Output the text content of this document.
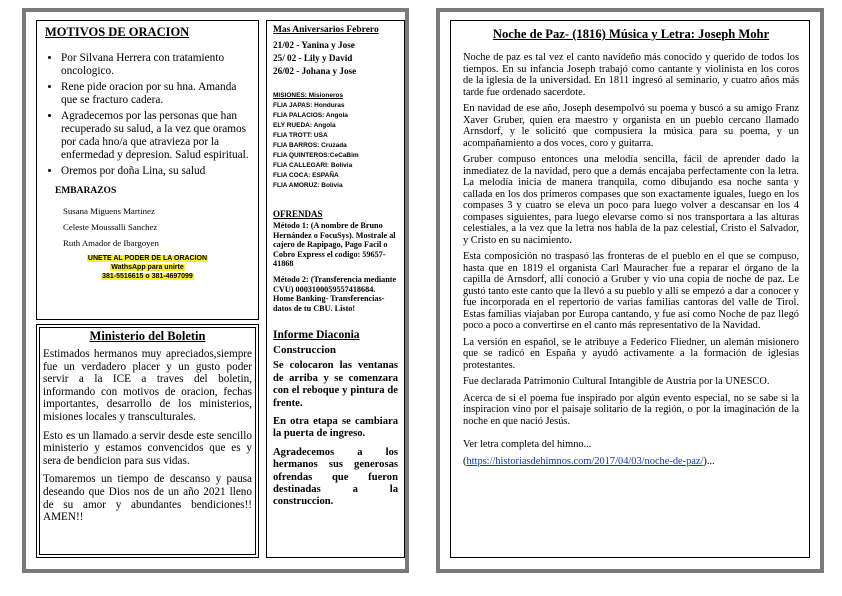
MOTIVOS DE ORACION
• Por Silvana Herrera con tratamiento oncologico.
• Rene pide oracion por su hna. Amanda que se fracturo cadera.
• Agradecemos por las personas que han recuperado su salud, a la vez que oramos por cada hno/a que atravieza por la enfermedad y depresion. Salud espiritual.
• Oremos por doña Lina, su salud
EMBARAZOS
Susana Miguens Martinez
Celeste Moussalli Sanchez
Ruth Amador de Ibargoyen
UNETE AL PODER DE LA ORACION
WathsApp para unirte
381-5516615 o 381-4697099
Ministerio del Boletin

Estimados hermanos muy apreciados,siempre fue un verdadero placer y un gusto poder servir a la ICE a traves del boletin, informando con motivos de oracion, fechas importantes, desarrollo de los ministerios, misiones locales y transculturales.

Esto es un llamado a servir desde este sencillo ministerio y estamos convencidos que es y sera de bendicion para sus vidas.

Tomaremos un tiempo de descanso y pausa deseando que Dios nos de un año 2021 lleno de su amor y abundantes bendiciones!! AMEN!!

Mas Aniversarios Febrero
21/02 - Yanina y Jose
25/ 02 - Lily y David
26/02 - Johana y Jose
MISIONES: Misioneros
FLIA JAPAS: Honduras
FLIA PALACIOS: Angola
ELY RUEDA: Angola
FLIA TROTT: USA
FLIA BARROS: Cruzada
FLIA QUINTEROS:CeCaBim
FLIA CALLEGARI: Bolivia
FLIA COCA: ESPAÑA
FLIA AMORUZ: Bolivia
OFRENDAS
Método 1: (A nombre de Bruno Hernández o FocuSys). Mostrale al cajero de Rapipago, Pago Facil o Cobro Express el codigo: 59657-41868
Método 2: (Transferencia mediante CVU) 0003100059557418684. Home Banking- Transferencias- datos de tu CBU. Listo!
Informe Diaconia
Construccion
Se colocaron las ventanas de arriba y se comenzara con el reboque y pintura de frente.
En otra etapa se cambiara la puerta de ingreso.
Agradecemos a los hermanos sus generosas ofrendas que fueron destinadas a la construccion.
Noche de Paz- (1816) Música y Letra: Joseph Mohr

Noche de paz es tal vez el canto navideño más conocido y querido de todos los tiempos. En su infancia Joseph trabajó como cantante y violinista en los coros de la iglesia de la universidad. En 1811 ingresó al seminario, y cuatro años más tarde fue ordenado sacerdote.

En navidad de ese año, Joseph desempolvó su poema y buscó a su amigo Franz Xaver Gruber, quien era maestro y organista en un pueblo cercano llamado Arnsdorf, y le solicitó que compusiera la música para su poema, y un acompañamiento a dos voces, coro y guitarra.

Gruber compuso entonces una melodía sencilla, fácil de aprender dado la inmediatez de la navidad, pero que a demás encajaba perfectamente con la letra. La melodía inicia de manera tranquila, como dibujando esa noche santa y callada en los dos primeros compases que son exactamente iguales, luego en los compases 3 y cuatro se eleva un poco para luego volver a descansar en los 4 compases siguientes, para luego elevarse como si nos transportara a las alturas celestiales, a la vez que la letra nos habla de la paz celestial, Cristo el Salvador, y Cristo en su nacimiento.

Esta composición no traspasó las fronteras de el pueblo en el que se compuso, hasta que en 1819 el organista Carl Mauracher fue a reparar el órgano de la capilla de Arnsdorf, allí conoció a Gruber y vio una copia de noche de paz. Le gustó tanto este canto que la llevó a su pueblo y allí se empezó a dar a conocer y fue incorporada en el repertorio de varias familias cantoras del valle de Tirol. Estas familias viajaban por Europa cantando, y fue así como Noche de paz llegó poco a poco a convertirse en el canto más representativo de la Navidad.

La versión en español, se le atribuye a Federico Fliedner, un alemán misionero que se radicó en España y ayudó activamente a la formación de iglesias protestantes.

Fue declarada Patrimonio Cultural Intangible de Austria por la UNESCO.

Acerca de si el poema fue inspirado por algún evento especial, no se sabe si la inspiracion vino por el paisaje solitario de la región, o por la imaginación de la noche en que nació Jesús.

Ver letra completa del himno...

(https://historiasdehimnos.com/2017/04/03/noche-de-paz/)...
